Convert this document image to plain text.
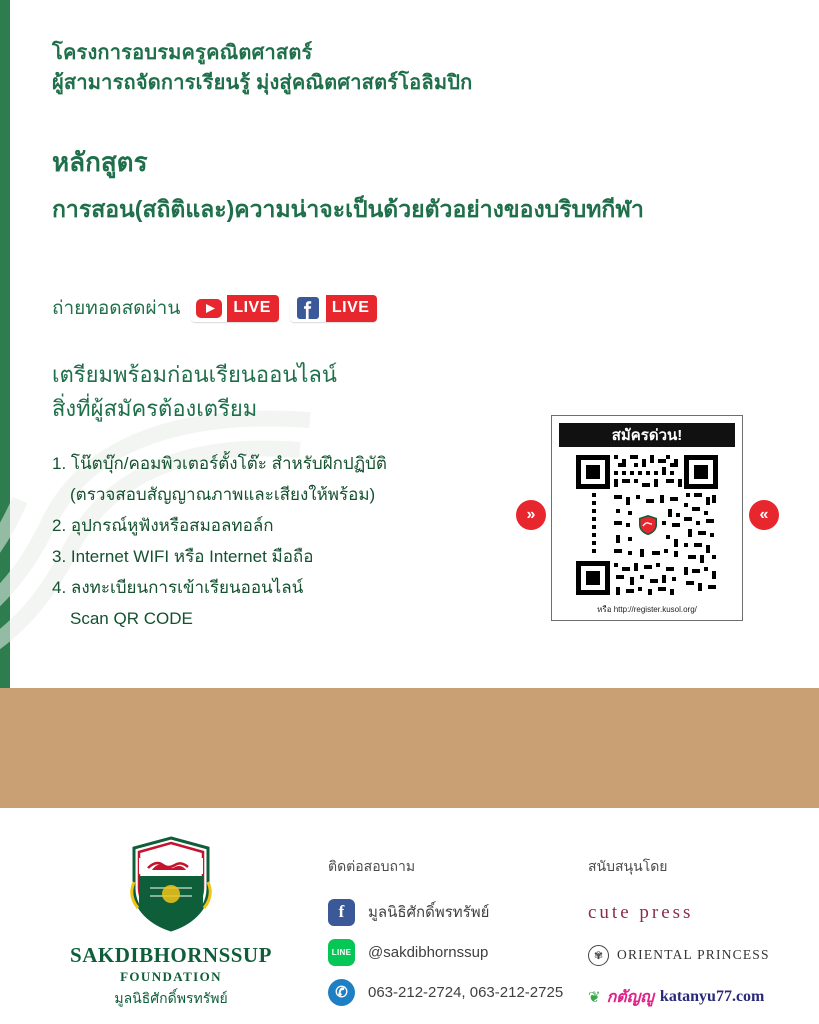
โครงการอบรมครูคณิตศาสตร์
ผู้สามารถจัดการเรียนรู้ มุ่งสู่คณิตศาสตร์โอลิมปิก
หลักสูตร
การสอน(สถิติและ)ความน่าจะเป็นด้วยตัวอย่างของบริบทกีฬา
ถ่ายทอดสดผ่าน	LIVE	LIVE
เตรียมพร้อมก่อนเรียนออนไลน์
สิ่งที่ผู้สมัครต้องเตรียม
1. โน๊ตบุ๊ก/คอมพิวเตอร์ตั้งโต๊ะ สำหรับฝึกปฏิบัติ
(ตรวจสอบสัญญาณภาพและเสียงให้พร้อม)
2. อุปกรณ์หูฟังหรือสมอลทอล์ก
3. Internet WIFI หรือ Internet มือถือ
4. ลงทะเบียนการเข้าเรียนออนไลน์
Scan QR CODE
»	«
สมัครด่วน!
หรือ http://register.kusol.org/
SAKDIBHORNSSUP
FOUNDATION
มูลนิธิศักดิ์พรทรัพย์
ติดต่อสอบถาม
f	มูลนิธิศักดิ์พรทรัพย์
LINE @sakdibhornssup
✆	063-212-2724, 063-212-2725
สนับสนุนโดย
cute press
✾	ORIENTAL PRINCESS
❦ กตัญญู katanyu77.com
